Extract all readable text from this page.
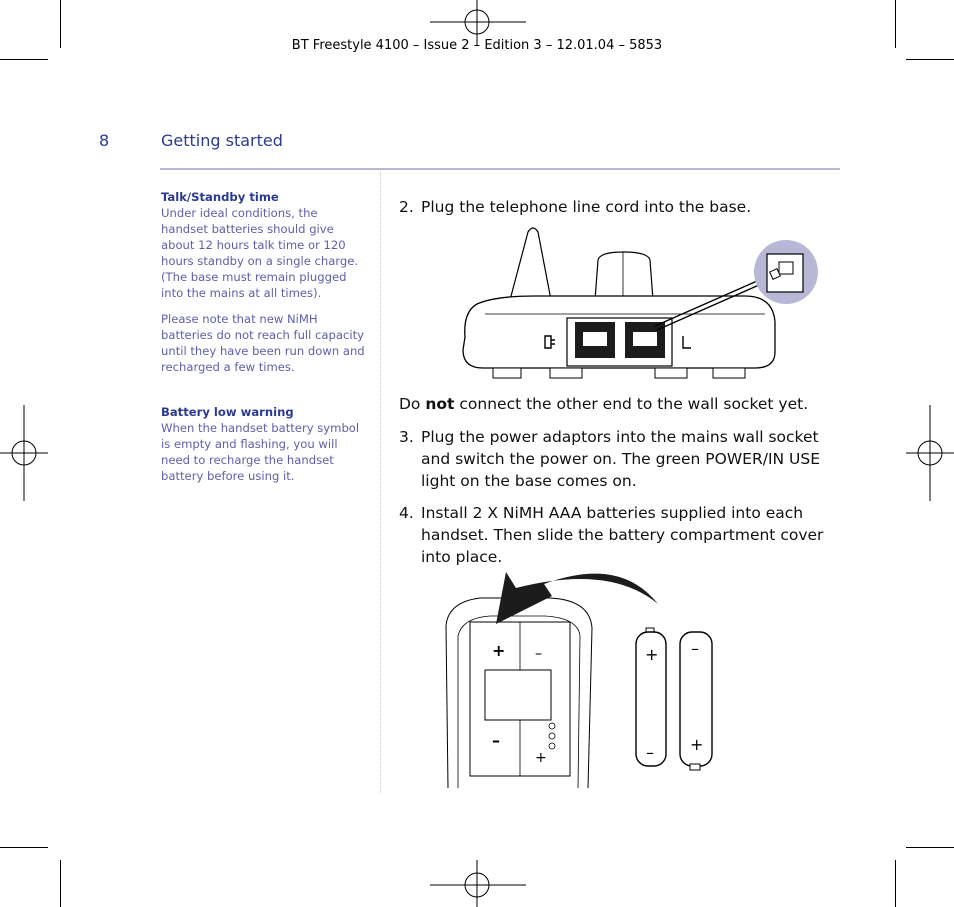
BT Freestyle 4100 – Issue 2 – Edition 3 – 12.01.04 – 5853
8	Getting started
Talk/Standby time

Under ideal conditions, the handset batteries should give about 12 hours talk time or 120 hours standby on a single charge. (The base must remain plugged into the mains at all times).

Please note that new NiMH batteries do not reach full capacity until they have been run down and recharged a few times.

Battery low warning

When the handset battery symbol is empty and flashing, you will need to recharge the handset battery before using it.

2. Plug the telephone line cord into the base.
Do not connect the other end to the wall socket yet.
3. Plug the power adaptors into the mains wall socket and switch the power on. The green POWER/IN USE light on the base comes on.
4. Install 2 X NiMH AAA batteries supplied into each handset. Then slide the battery compartment cover into place.
+ –
–
+
+
–
–
+
